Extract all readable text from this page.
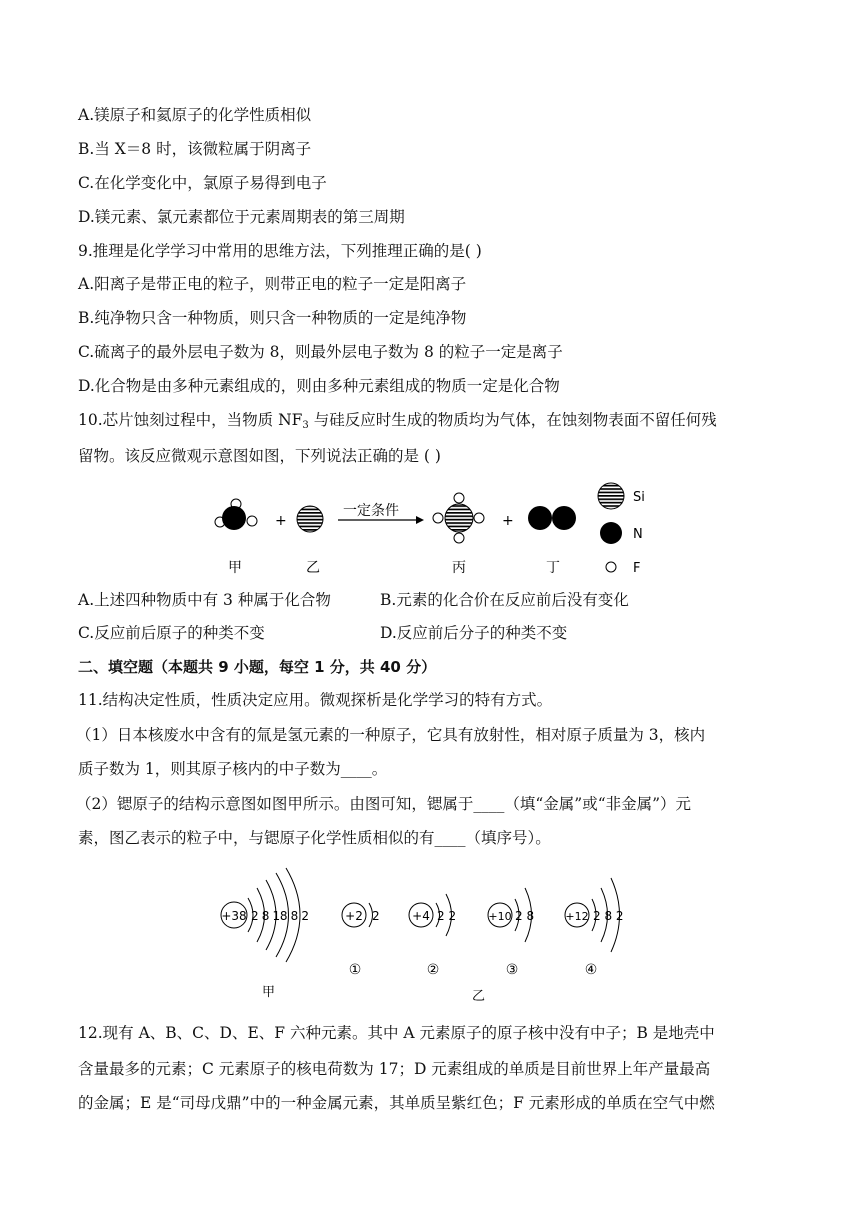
A.镁原子和氦原子的化学性质相似
B.当 X＝8 时，该微粒属于阴离子
C.在化学变化中，氯原子易得到电子
D.镁元素、氯元素都位于元素周期表的第三周期
9.推理是化学学习中常用的思维方法，下列推理正确的是( )
A.阳离子是带正电的粒子，则带正电的粒子一定是阳离子
B.纯净物只含一种物质，则只含一种物质的一定是纯净物
C.硫离子的最外层电子数为 8，则最外层电子数为 8 的粒子一定是离子
D.化合物是由多种元素组成的，则由多种元素组成的物质一定是化合物
10.芯片蚀刻过程中，当物质 $NF_3$ 与硅反应时生成的物质均为气体，在蚀刻物表面不留任何残
留物。该反应微观示意图如图，下列说法正确的是 ( )
+
一定条件
+
Si
N
F
甲	乙	丙	丁
A.上述四种物质中有 3 种属于化合物	B.元素的化合价在反应前后没有变化
C.反应前后原子的种类不变	D.反应前后分子的种类不变
二、填空题（本题共 9 小题，每空 1 分，共 40 分）
11.结构决定性质，性质决定应用。微观探析是化学学习的特有方式。
（1）日本核废水中含有的氚是氢元素的一种原子，它具有放射性，相对原子质量为 3，核内
质子数为 1，则其原子核内的中子数为____。
（2）锶原子的结构示意图如图甲所示。由图可知，锶属于____（填“金属”或“非金属”）元
素，图乙表示的粒子中，与锶原子化学性质相似的有____（填序号）。
+38 2 8 18 8 2
甲
+2 2
①
+4 2 2
②
+10 2 8
③
+12 2 8 2
④
乙
12.现有 A、B、C、D、E、F 六种元素。其中 A 元素原子的原子核中没有中子；B 是地壳中
含量最多的元素；C 元素原子的核电荷数为 17；D 元素组成的单质是目前世界上年产量最高
的金属；E 是“司母戊鼎”中的一种金属元素，其单质呈紫红色；F 元素形成的单质在空气中燃
